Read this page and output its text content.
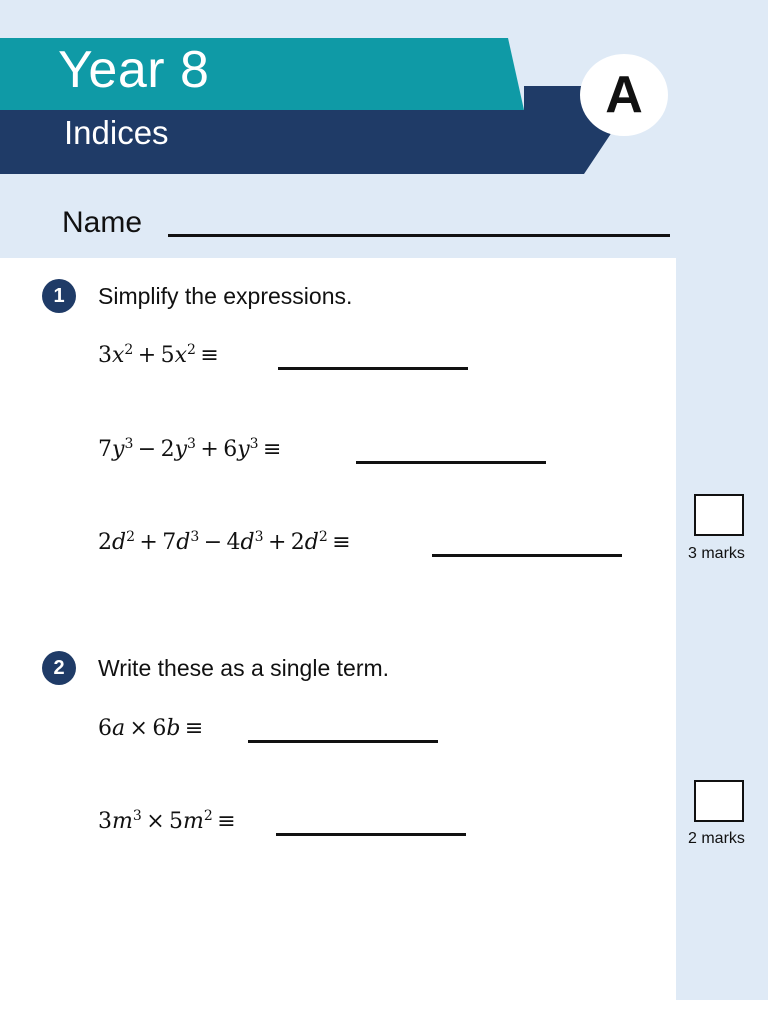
Year 8
Indices
A
Name
1	Simplify the expressions.
$3x^2 + 5x^2$  ≡
$7y^3 - 2y^3 + 6y^3$  ≡
$2d^2 + 7d^3 - 4d^3 + 2d^2$  ≡	3 marks
2	Write these as a single term.
6a  ×  6b  ≡
$3m^3 \times 5m^2$  ≡
2 marks
